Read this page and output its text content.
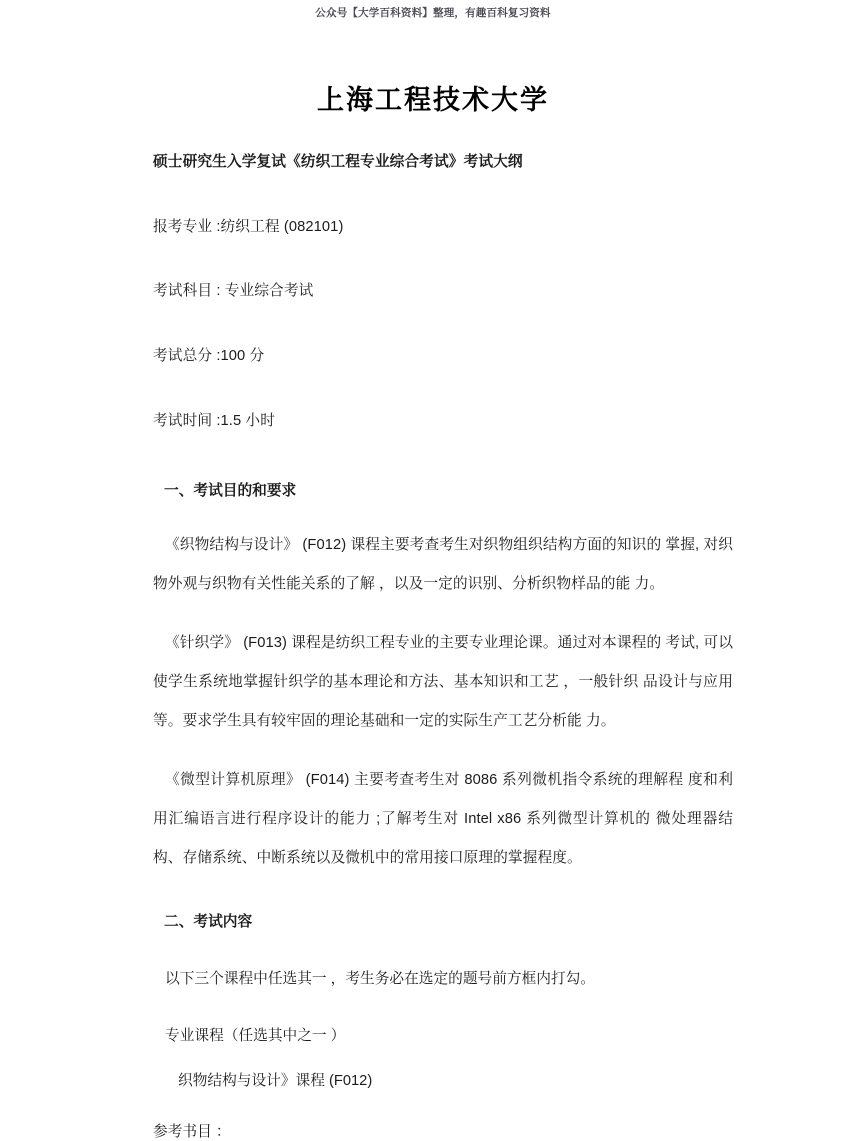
公众号【大学百科资料】整理，有趣百科复习资料
上海工程技术大学
硕士研究生入学复试《纺织工程专业综合考试》考试大纲
报考专业 :纺织工程 (082101)
考试科目 : 专业综合考试
考试总分 :100 分
考试时间 :1.5 小时
一、考试目的和要求
《织物结构与设计》 (F012) 课程主要考查考生对织物组织结构方面的知识的 掌握, 对织物外观与织物有关性能关系的了解 ，以及一定的识别、分析织物样品的能 力。
《针织学》 (F013) 课程是纺织工程专业的主要专业理论课。通过对本课程的 考试, 可以使学生系统地掌握针织学的基本理论和方法、基本知识和工艺 ，一般针织 品设计与应用等。要求学生具有较牢固的理论基础和一定的实际生产工艺分析能 力。
《微型计算机原理》 (F014) 主要考查考生对 8086 系列微机指令系统的理解程 度和利用汇编语言进行程序设计的能力 ;了解考生对 Intel x86 系列微型计算机的 微处理器结构、存储系统、中断系统以及微机中的常用接口原理的掌握程度。
二、考试内容
以下三个课程中任选其一 ，考生务必在选定的题号前方框内打勾。
专业课程（任选其中之一 ）
织物结构与设计》课程 (F012)
参考书目 ：
